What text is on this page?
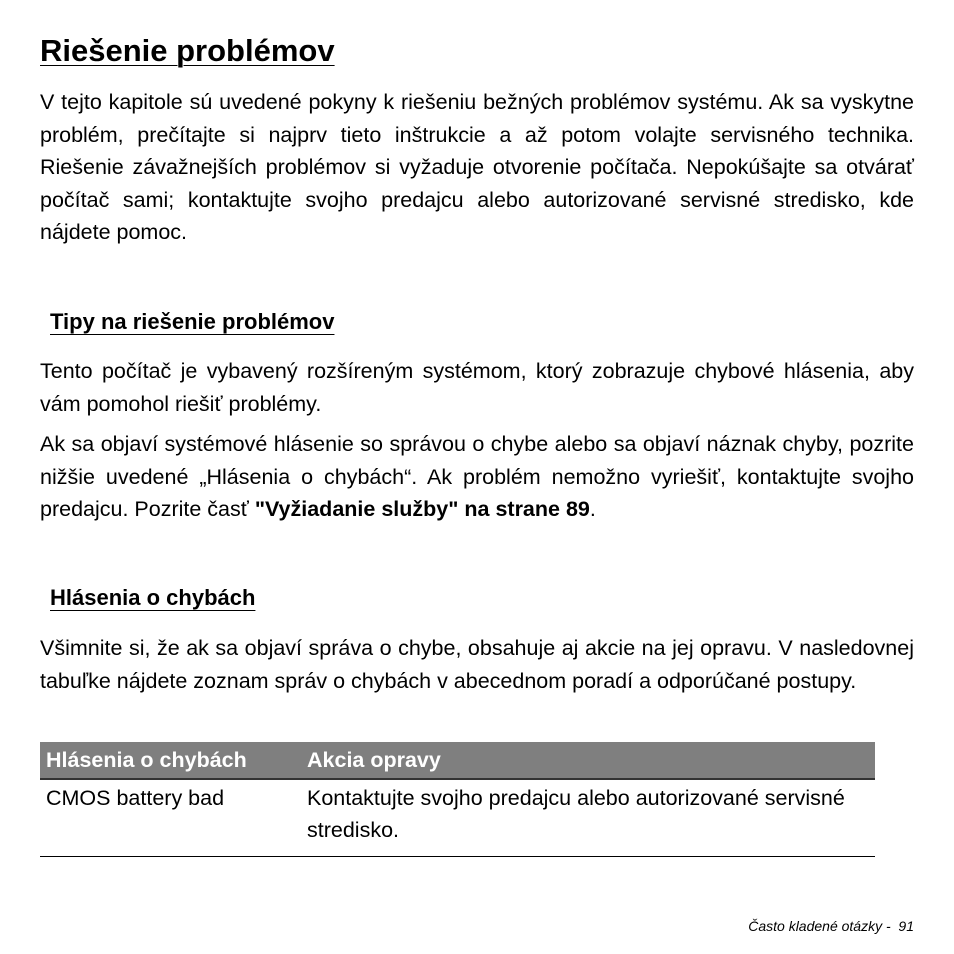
Riešenie problémov

V tejto kapitole sú uvedené pokyny k riešeniu bežných problémov systému. Ak sa vyskytne problém, prečítajte si najprv tieto inštrukcie a až potom volajte servisného technika. Riešenie závažnejších problémov si vyžaduje otvorenie počítača. Nepokúšajte sa otvárať počítač sami; kontaktujte svojho predajcu alebo autorizované servisné stredisko, kde nájdete pomoc.

Tipy na riešenie problémov

Tento počítač je vybavený rozšíreným systémom, ktorý zobrazuje chybové hlásenia, aby vám pomohol riešiť problémy.

Ak sa objaví systémové hlásenie so správou o chybe alebo sa objaví náznak chyby, pozrite nižšie uvedené „Hlásenia o chybách“. Ak problém nemožno vyriešiť, kontaktujte svojho predajcu. Pozrite časť "Vyžiadanie služby" na strane 89.

Hlásenia o chybách

Všimnite si, že ak sa objaví správa o chybe, obsahuje aj akcie na jej opravu. V nasledovnej tabuľke nájdete zoznam správ o chybách v abecednom poradí a odporúčané postupy.

Hlásenia o chybách	Akcia opravy
CMOS battery bad	Kontaktujte svojho predajcu alebo autorizované servisné stredisko.
Často kladené otázky - 91
